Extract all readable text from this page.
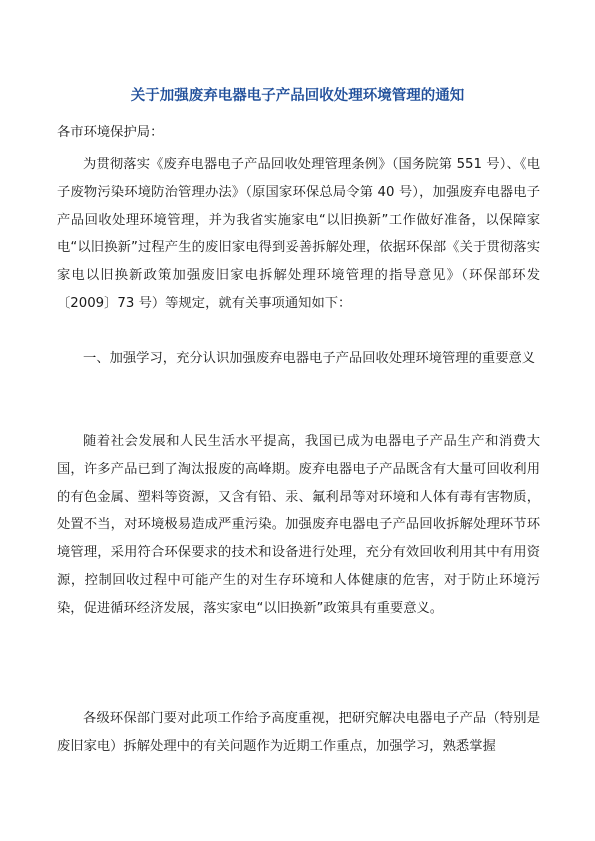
关于加强废弃电器电子产品回收处理环境管理的通知
各市环境保护局：

为贯彻落实《废弃电器电子产品回收处理管理条例》（国务院第 551 号）、《电子废物污染环境防治管理办法》（原国家环保总局令第 40 号），加强废弃电器电子产品回收处理环境管理，并为我省实施家电“以旧换新”工作做好准备，以保障家电“以旧换新”过程产生的废旧家电得到妥善拆解处理，依据环保部《关于贯彻落实家电以旧换新政策加强废旧家电拆解处理环境管理的指导意见》（环保部环发〔2009〕73 号）等规定，就有关事项通知如下：

一、加强学习，充分认识加强废弃电器电子产品回收处理环境管理的重要意义

随着社会发展和人民生活水平提高，我国已成为电器电子产品生产和消费大国，许多产品已到了淘汰报废的高峰期。废弃电器电子产品既含有大量可回收利用的有色金属、塑料等资源，又含有铅、汞、氟利昂等对环境和人体有毒有害物质，处置不当，对环境极易造成严重污染。加强废弃电器电子产品回收拆解处理环节环境管理，采用符合环保要求的技术和设备进行处理，充分有效回收利用其中有用资源，控制回收过程中可能产生的对生存环境和人体健康的危害，对于防止环境污染，促进循环经济发展，落实家电“以旧换新”政策具有重要意义。

各级环保部门要对此项工作给予高度重视，把研究解决电器电子产品（特别是废旧家电）拆解处理中的有关问题作为近期工作重点，加强学习，熟悉掌握
